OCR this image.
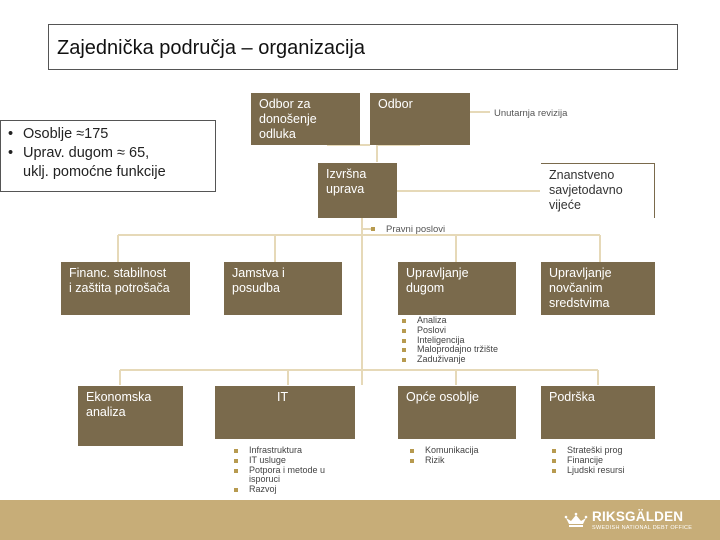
Zajednička područja – organizacija
• Osoblje ≈175
• Uprav. dugom ≈ 65,
uklj. pomoćne funkcije
Odbor za
donošenje
odluka
Odbor
Unutarnja revizija
Izvršna
uprava
Znanstveno
savjetodavno
vijeće
Pravni poslovi
Financ. stabilnost
i zaštita potrošača
Jamstva i
posudba
Upravljanje
dugom
Upravljanje
novčanim
sredstvima
Analiza
Poslovi
Inteligencija
Maloprodajno tržište
Zaduživanje
Ekonomska
analiza
IT	Opće osoblje	Podrška
Infrastruktura
IT usluge
Potpora i metode u
isporuci
Razvoj
Komunikacija
Rizik
Strateški prog
Financije
Ljudski resursi
RIKSGÄLDEN
SWEDISH NATIONAL DEBT OFFICE
